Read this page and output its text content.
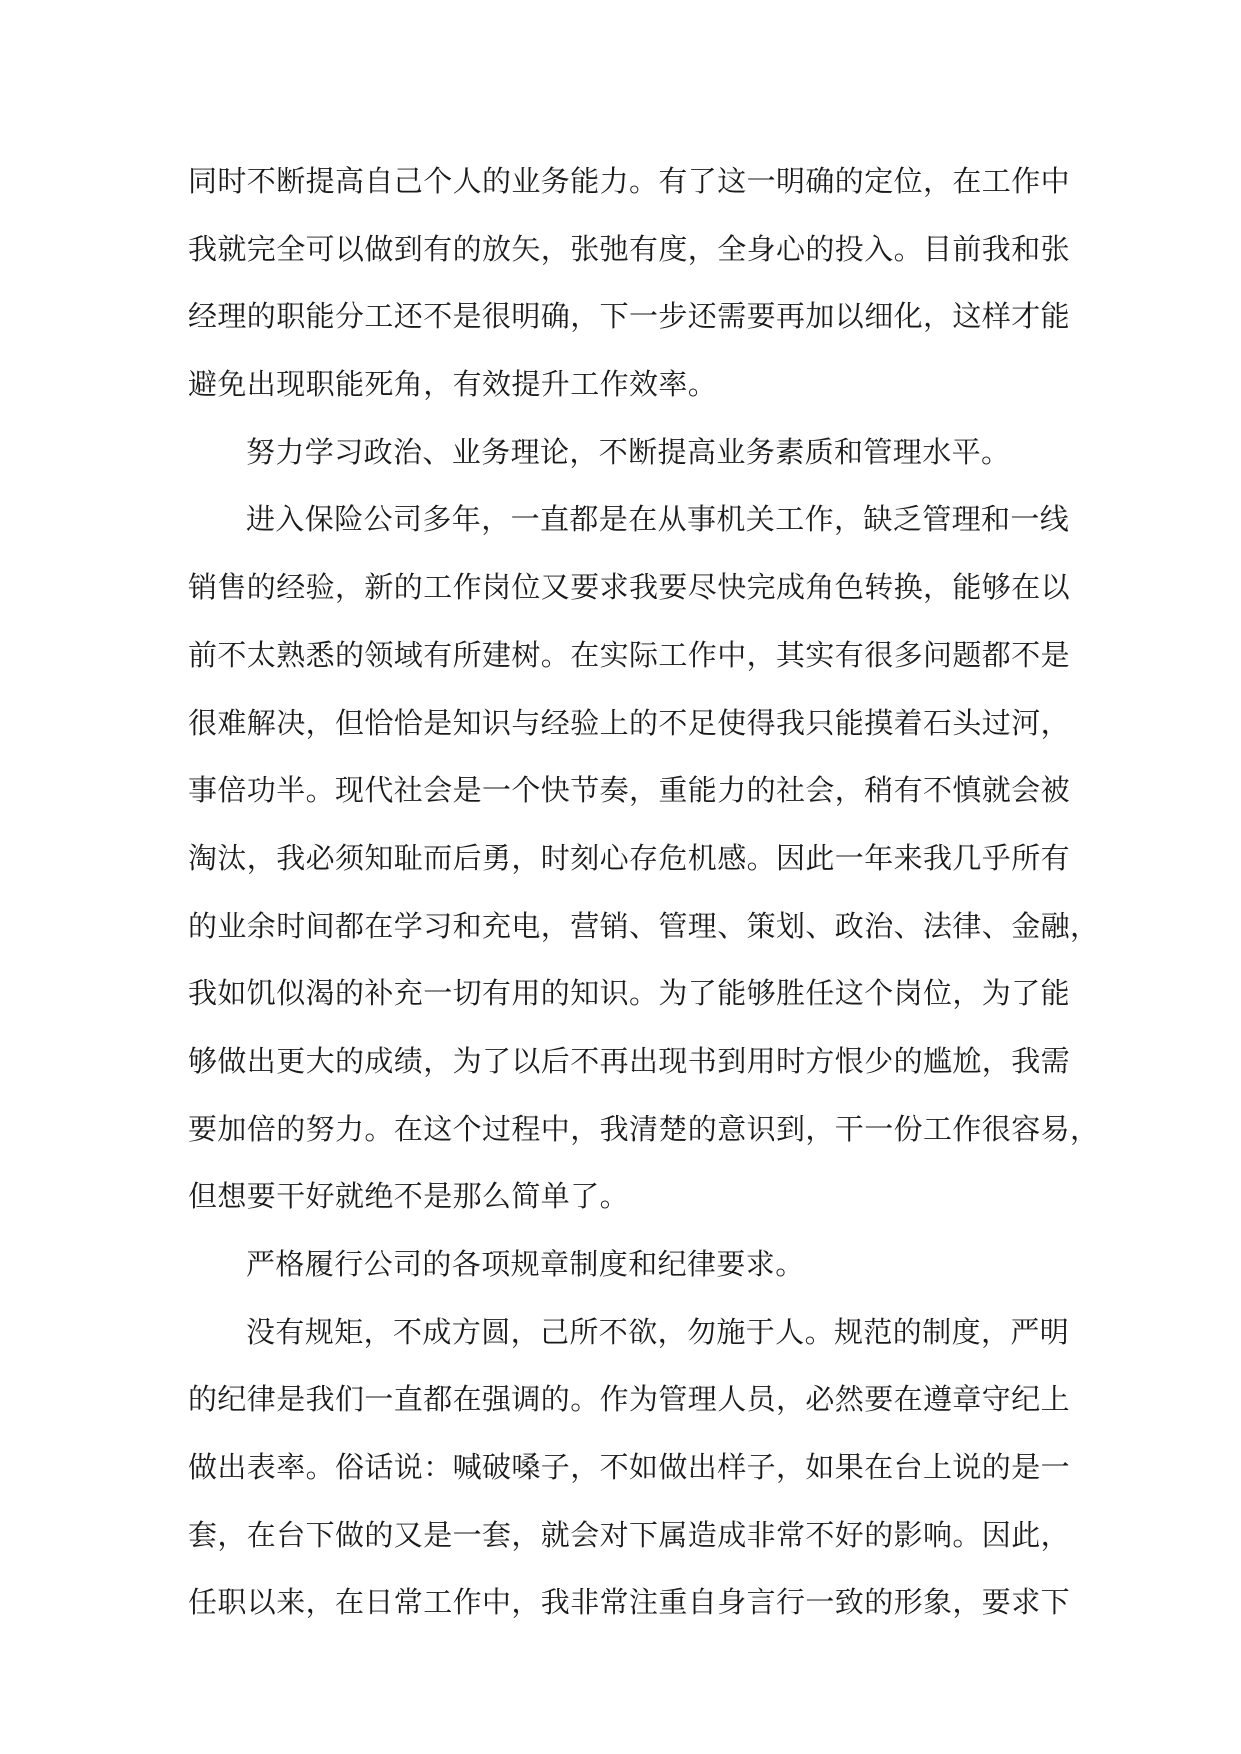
同时不断提高自己个人的业务能力。有了这一明确的定位，在工作中
我就完全可以做到有的放矢，张弛有度，全身心的投入。目前我和张
经理的职能分工还不是很明确，下一步还需要再加以细化，这样才能
避免出现职能死角，有效提升工作效率。
努力学习政治、业务理论，不断提高业务素质和管理水平。
进入保险公司多年，一直都是在从事机关工作，缺乏管理和一线
销售的经验，新的工作岗位又要求我要尽快完成角色转换，能够在以
前不太熟悉的领域有所建树。在实际工作中，其实有很多问题都不是
很难解决，但恰恰是知识与经验上的不足使得我只能摸着石头过河，
事倍功半。现代社会是一个快节奏，重能力的社会，稍有不慎就会被
淘汰，我必须知耻而后勇，时刻心存危机感。因此一年来我几乎所有
的业余时间都在学习和充电，营销、管理、策划、政治、法律、金融，
我如饥似渴的补充一切有用的知识。为了能够胜任这个岗位，为了能
够做出更大的成绩，为了以后不再出现书到用时方恨少的尴尬，我需
要加倍的努力。在这个过程中，我清楚的意识到，干一份工作很容易，
但想要干好就绝不是那么简单了。
严格履行公司的各项规章制度和纪律要求。
没有规矩，不成方圆，己所不欲，勿施于人。规范的制度，严明
的纪律是我们一直都在强调的。作为管理人员，必然要在遵章守纪上
做出表率。俗话说：喊破嗓子，不如做出样子，如果在台上说的是一
套，在台下做的又是一套，就会对下属造成非常不好的影响。因此，
任职以来，在日常工作中，我非常注重自身言行一致的形象，要求下
